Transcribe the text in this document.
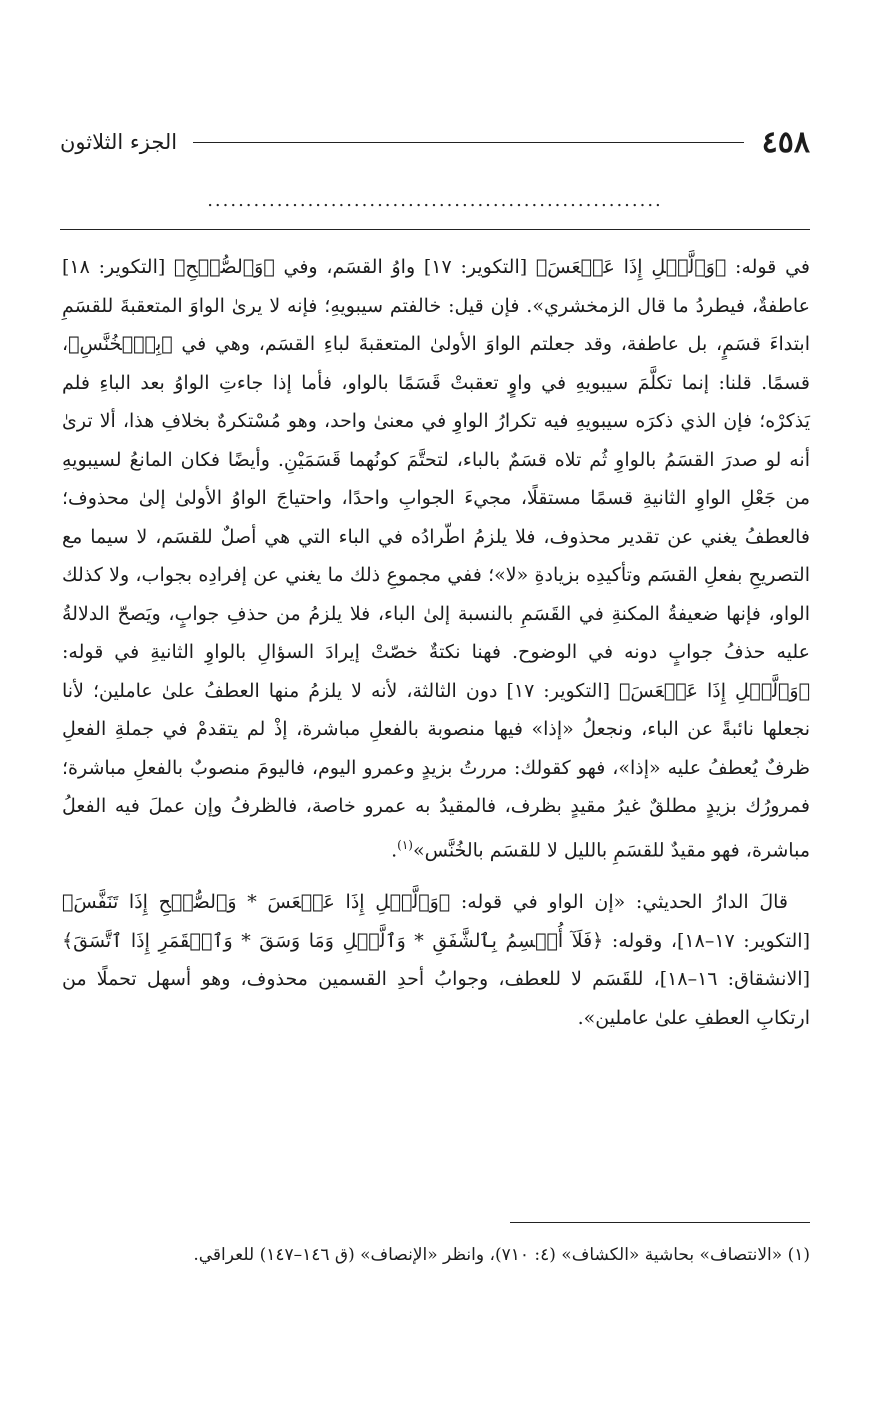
٤٥٨
الجزء الثلاثون
...........................................................

في قوله: ﴿وَٱلَّيۡلِ إِذَا عَسۡعَسَ﴾ [التكوير: ١٧] واوُ القسَم، وفي ﴿وَٱلصُّبۡحِ﴾ [التكوير: ١٨] عاطفةٌ، فيطردُ ما قال الزمخشري». فإن قيل: خالفتم سيبويهِ؛ فإنه لا يرىٰ الواوَ المتعقبةَ للقسَمِ ابتداءَ قسَمٍ، بل عاطفة، وقد جعلتم الواوَ الأولىٰ المتعقبةَ لباءِ القسَم، وهي في ﴿بِٱلۡخُنَّسِ﴾، قسمًا. قلنا: إنما تكلَّمَ سيبويهِ في واوٍ تعقبتْ قَسَمًا بالواو، فأما إذا جاءتِ الواوُ بعد الباءِ فلم يَذكرْه؛ فإن الذي ذكرَه سيبويهِ فيه تكرارُ الواوِ في معنىٰ واحد، وهو مُسْتكرهٌ بخلافِ هذا، ألا ترىٰ أنه لو صدرَ القسَمُ بالواوِ ثُم تلاه قسَمٌ بالباء، لتحتَّمَ كونُهما قَسَمَيْنِ. وأيضًا فكان المانعُ لسيبويهِ من جَعْلِ الواوِ الثانيةِ قسمًا مستقلًا، مجيءَ الجوابِ واحدًا، واحتياجَ الواوُ الأولىٰ إلىٰ محذوف؛ فالعطفُ يغني عن تقدير محذوف، فلا يلزمُ اطّرادُه في الباء التي هي أصلٌ للقسَم، لا سيما مع التصريحِ بفعلِ القسَم وتأكيدِه بزيادةِ «لا»؛ ففي مجموعِ ذلك ما يغني عن إفرادِه بجواب، ولا كذلك الواو، فإنها ضعيفةُ المكنةِ في القَسَمِ بالنسبة إلىٰ الباء، فلا يلزمُ من حذفِ جوابٍ، ويَصحّ الدلالةُ عليه حذفُ جوابٍ دونه في الوضوح. فهنا نكتةٌ خصّتْ إيرادَ السؤالِ بالواوِ الثانيةِ في قوله: ﴿وَٱلَّيۡلِ إِذَا عَسۡعَسَ﴾ [التكوير: ١٧] دون الثالثة، لأنه لا يلزمُ منها العطفُ علىٰ عاملين؛ لأنا نجعلها نائبةً عن الباء، ونجعلُ «إذا» فيها منصوبة بالفعلِ مباشرة، إذْ لم يتقدمْ في جملةِ الفعلِ ظرفٌ يُعطفُ عليه «إذا»، فهو كقولك: مررتُ بزيدٍ وعمرو اليوم، فاليومَ منصوبٌ بالفعلِ مباشرة؛ فمرورُك بزيدٍ مطلقٌ غيرُ مقيدٍ بظرف، فالمقيدُ به عمرو خاصة، فالظرفُ وإن عملَ فيه الفعلُ مباشرة، فهو مقيدٌ للقسَمِ بالليل لا للقسَم بالخُنَّس»$^{(١)}$.

قالَ الدارُ الحديثي: «إن الواو في قوله: ﴿وَٱلَّيۡلِ إِذَا عَسۡعَسَ * وَٱلصُّبۡحِ إِذَا تَنَفَّسَ﴾ [التكوير: ١٧–١٨]، وقوله: ﴿فَلَآ أُقۡسِمُ بِٱلشَّفَقِ * وَٱلَّيۡلِ وَمَا وَسَقَ * وَٱلۡقَمَرِ إِذَا ٱتَّسَقَ﴾ [الانشقاق: ١٦–١٨]، للقَسَم لا للعطف، وجوابُ أحدِ القسمين محذوف، وهو أسهل تحملًا من ارتكابِ العطفِ علىٰ عاملين».

(١) «الانتصاف» بحاشية «الكشاف» (٤: ٧١٠)، وانظر «الإنصاف» (ق ١٤٦–١٤٧) للعراقي.
